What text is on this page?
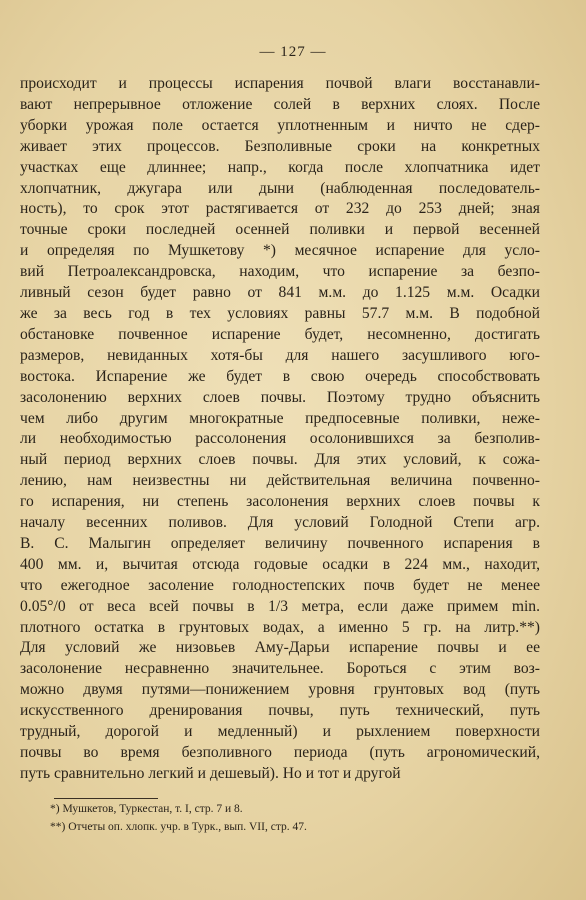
— 127 —
происходит и процессы испарения почвой влаги восстанавли-
вают непрерывное отложение солей в верхних слоях. После
уборки урожая поле остается уплотненным и ничто не сдер-
живает этих процессов. Безполивные сроки на конкретных
участках еще длиннее; напр., когда после хлопчатника идет
хлопчатник, джугара или дыни (наблюденная последователь-
ность), то срок этот растягивается от 232 до 253 дней; зная
точные сроки последней осенней поливки и первой весенней
и определяя по Мушкетову *) месячное испарение для усло-
вий Петроалександровска, находим, что испарение за безпо-
ливный сезон будет равно от 841 м.м. до 1.125 м.м. Осадки
же за весь год в тех условиях равны 57.7 м.м. В подобной
обстановке почвенное испарение будет, несомненно, достигать
размеров, невиданных хотя-бы для нашего засушливого юго-
востока. Испарение же будет в свою очередь способствовать
засолонению верхних слоев почвы. Поэтому трудно объяснить
чем либо другим многократные предпосевные поливки, неже-
ли необходимостью рассолонения осолонившихся за безполив-
ный период верхних слоев почвы. Для этих условий, к сожа-
лению, нам неизвестны ни действительная величина почвенно-
го испарения, ни степень засолонения верхних слоев почвы к
началу весенних поливов. Для условий Голодной Степи агр.
В. С. Малыгин определяет величину почвенного испарения в
400 мм. и, вычитая отсюда годовые осадки в 224 мм., находит,
что ежегодное засоление голодностепских почв будет не менее
0.05°/0 от веса всей почвы в 1/3 метра, если даже примем min.
плотного остатка в грунтовых водах, а именно 5 гр. на литр.**)
Для условий же низовьев Аму-Дарьи испарение почвы и ее
засолонение несравненно значительнее. Бороться с этим воз-
можно двумя путями—понижением уровня грунтовых вод (путь
искусственного дренирования почвы, путь технический, путь
трудный, дорогой и медленный) и рыхлением поверхности
почвы во время безполивного периода (путь агрономический,
путь сравнительно легкий и дешевый). Но и тот и другой
*) Мушкетов, Туркестан, т. I, стр. 7 и 8.
**) Отчеты оп. хлопк. учр. в Турк., вып. VII, стр. 47.
